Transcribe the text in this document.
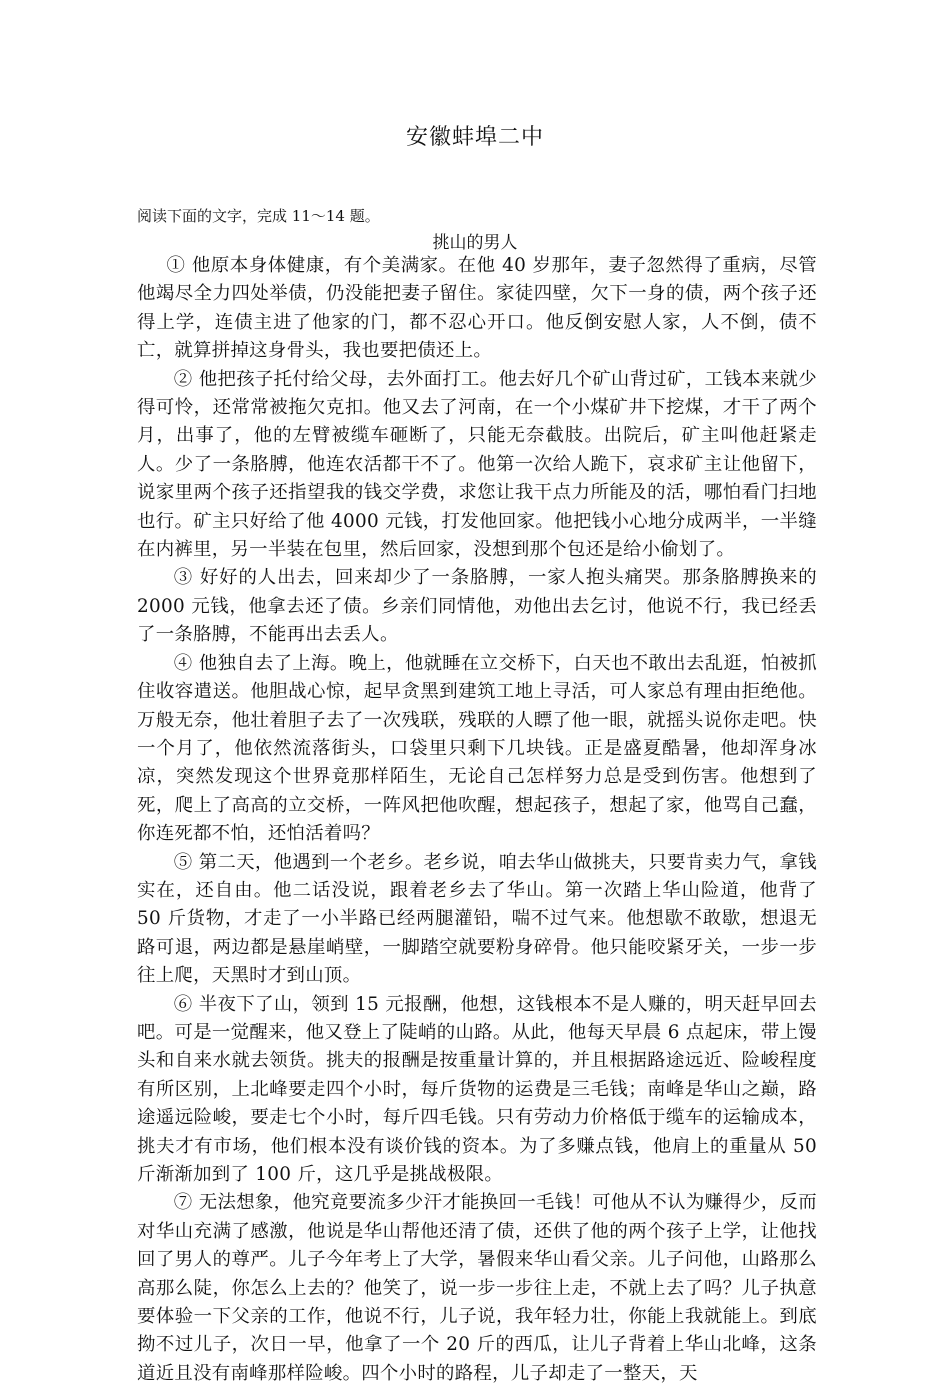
安徽蚌埠二中
阅读下面的文字，完成 11～14 题。
挑山的男人

① 他原本身体健康，有个美满家。在他 40 岁那年，妻子忽然得了重病，尽管他竭尽全力四处举债，仍没能把妻子留住。家徒四壁，欠下一身的债，两个孩子还得上学，连债主进了他家的门，都不忍心开口。他反倒安慰人家，人不倒，债不亡，就算拼掉这身骨头，我也要把债还上。

② 他把孩子托付给父母，去外面打工。他去好几个矿山背过矿，工钱本来就少得可怜，还常常被拖欠克扣。他又去了河南，在一个小煤矿井下挖煤，才干了两个月，出事了，他的左臂被缆车砸断了，只能无奈截肢。出院后，矿主叫他赶紧走人。少了一条胳膊，他连农活都干不了。他第一次给人跪下，哀求矿主让他留下，说家里两个孩子还指望我的钱交学费，求您让我干点力所能及的活，哪怕看门扫地也行。矿主只好给了他 4000 元钱，打发他回家。他把钱小心地分成两半，一半缝在内裤里，另一半装在包里，然后回家，没想到那个包还是给小偷划了。

③ 好好的人出去，回来却少了一条胳膊，一家人抱头痛哭。那条胳膊换来的 2000 元钱，他拿去还了债。乡亲们同情他，劝他出去乞讨，他说不行，我已经丢了一条胳膊，不能再出去丢人。

④ 他独自去了上海。晚上，他就睡在立交桥下，白天也不敢出去乱逛，怕被抓住收容遣送。他胆战心惊，起早贪黑到建筑工地上寻活，可人家总有理由拒绝他。万般无奈，他壮着胆子去了一次残联，残联的人瞟了他一眼，就摇头说你走吧。快一个月了，他依然流落街头，口袋里只剩下几块钱。正是盛夏酷暑，他却浑身冰凉，突然发现这个世界竟那样陌生，无论自己怎样努力总是受到伤害。他想到了死，爬上了高高的立交桥，一阵风把他吹醒，想起孩子，想起了家，他骂自己蠢，你连死都不怕，还怕活着吗？

⑤ 第二天，他遇到一个老乡。老乡说，咱去华山做挑夫，只要肯卖力气，拿钱实在，还自由。他二话没说，跟着老乡去了华山。第一次踏上华山险道，他背了 50 斤货物，才走了一小半路已经两腿灌铅，喘不过气来。他想歇不敢歇，想退无路可退，两边都是悬崖峭壁，一脚踏空就要粉身碎骨。他只能咬紧牙关，一步一步往上爬，天黑时才到山顶。

⑥ 半夜下了山，领到 15 元报酬，他想，这钱根本不是人赚的，明天赶早回去吧。可是一觉醒来，他又登上了陡峭的山路。从此，他每天早晨 6 点起床，带上馒头和自来水就去领货。挑夫的报酬是按重量计算的，并且根据路途远近、险峻程度有所区别，上北峰要走四个小时，每斤货物的运费是三毛钱；南峰是华山之巅，路途遥远险峻，要走七个小时，每斤四毛钱。只有劳动力价格低于缆车的运输成本，挑夫才有市场，他们根本没有谈价钱的资本。为了多赚点钱，他肩上的重量从 50 斤渐渐加到了 100 斤，这几乎是挑战极限。

⑦ 无法想象，他究竟要流多少汗才能换回一毛钱！可他从不认为赚得少，反而对华山充满了感激，他说是华山帮他还清了债，还供了他的两个孩子上学，让他找回了男人的尊严。儿子今年考上了大学，暑假来华山看父亲。儿子问他，山路那么高那么陡，你怎么上去的？他笑了，说一步一步往上走，不就上去了吗？儿子执意要体验一下父亲的工作，他说不行，儿子说，我年轻力壮，你能上我就能上。到底拗不过儿子，次日一早，他拿了一个 20 斤的西瓜，让儿子背着上华山北峰，这条道近且没有南峰那样险峻。四个小时的路程，儿子却走了一整天，天
